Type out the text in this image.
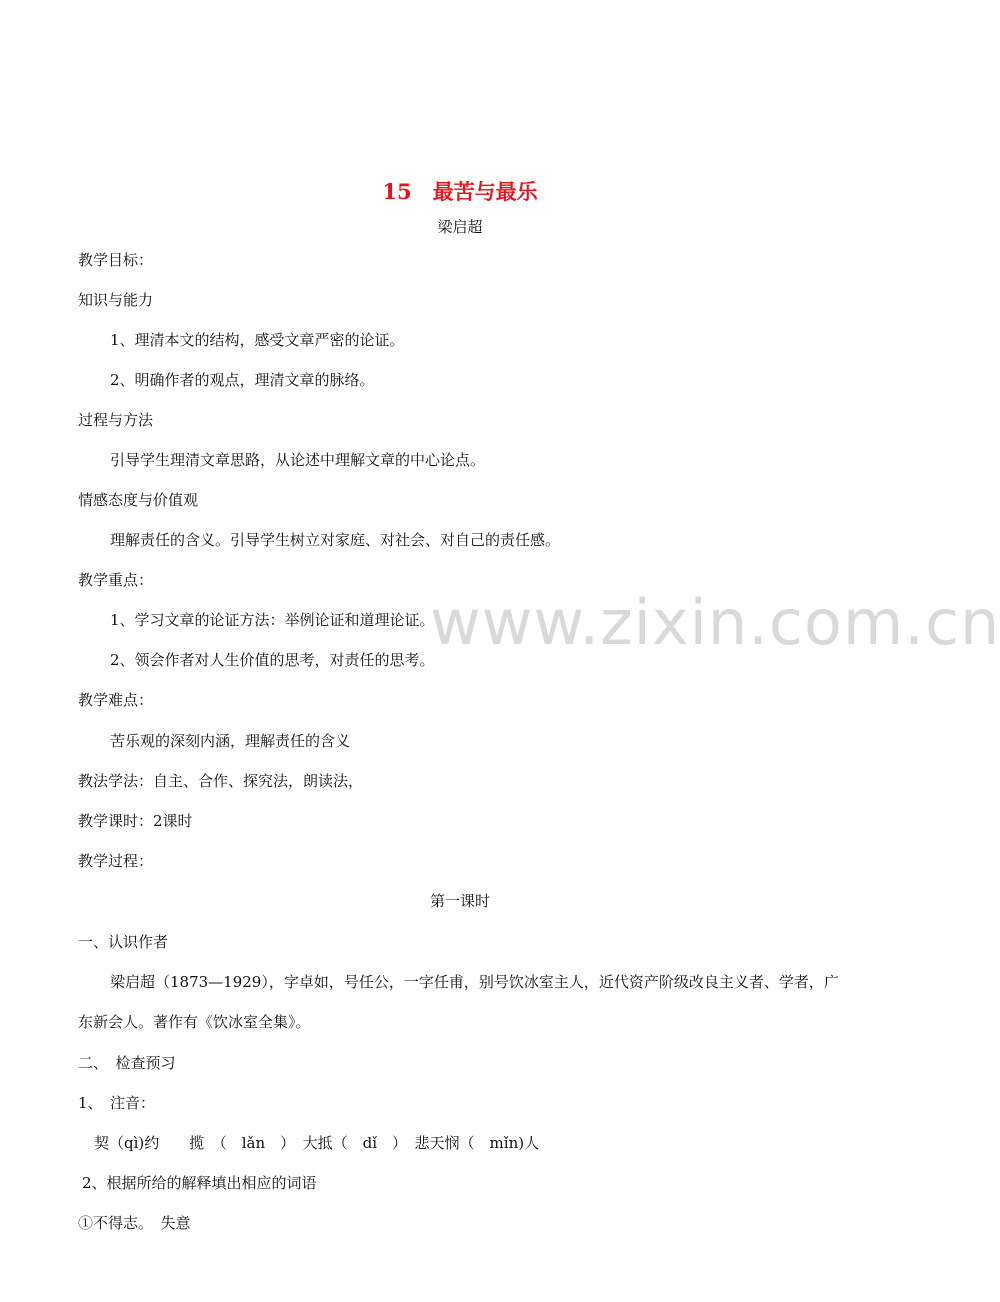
15　最苦与最乐
梁启超
教学目标：
知识与能力
1、理清本文的结构，感受文章严密的论证。
2、明确作者的观点，理清文章的脉络。
过程与方法
引导学生理清文章思路，从论述中理解文章的中心论点。
情感态度与价值观
理解责任的含义。引导学生树立对家庭、对社会、对自己的责任感。
教学重点：
1、学习文章的论证方法：举例论证和道理论证。
2、领会作者对人生价值的思考，对责任的思考。
教学难点：
苦乐观的深刻内涵，理解责任的含义
教法学法：自主、合作、探究法，朗读法，
教学课时：2课时
教学过程：
第一课时
一、认识作者
梁启超（1873—1929），字卓如，号任公，一字任甫，别号饮冰室主人，近代资产阶级改良主义者、学者，广东新会人。著作有《饮冰室全集》。
二、　检查预习
1、　注音：
契（qì)约　　揽　（　lǎn　）　大抵（　dǐ　）　悲天悯（　mǐn)人
2、根据所给的解释填出相应的词语
①不得志。　失意
www.zixin.com.cn
